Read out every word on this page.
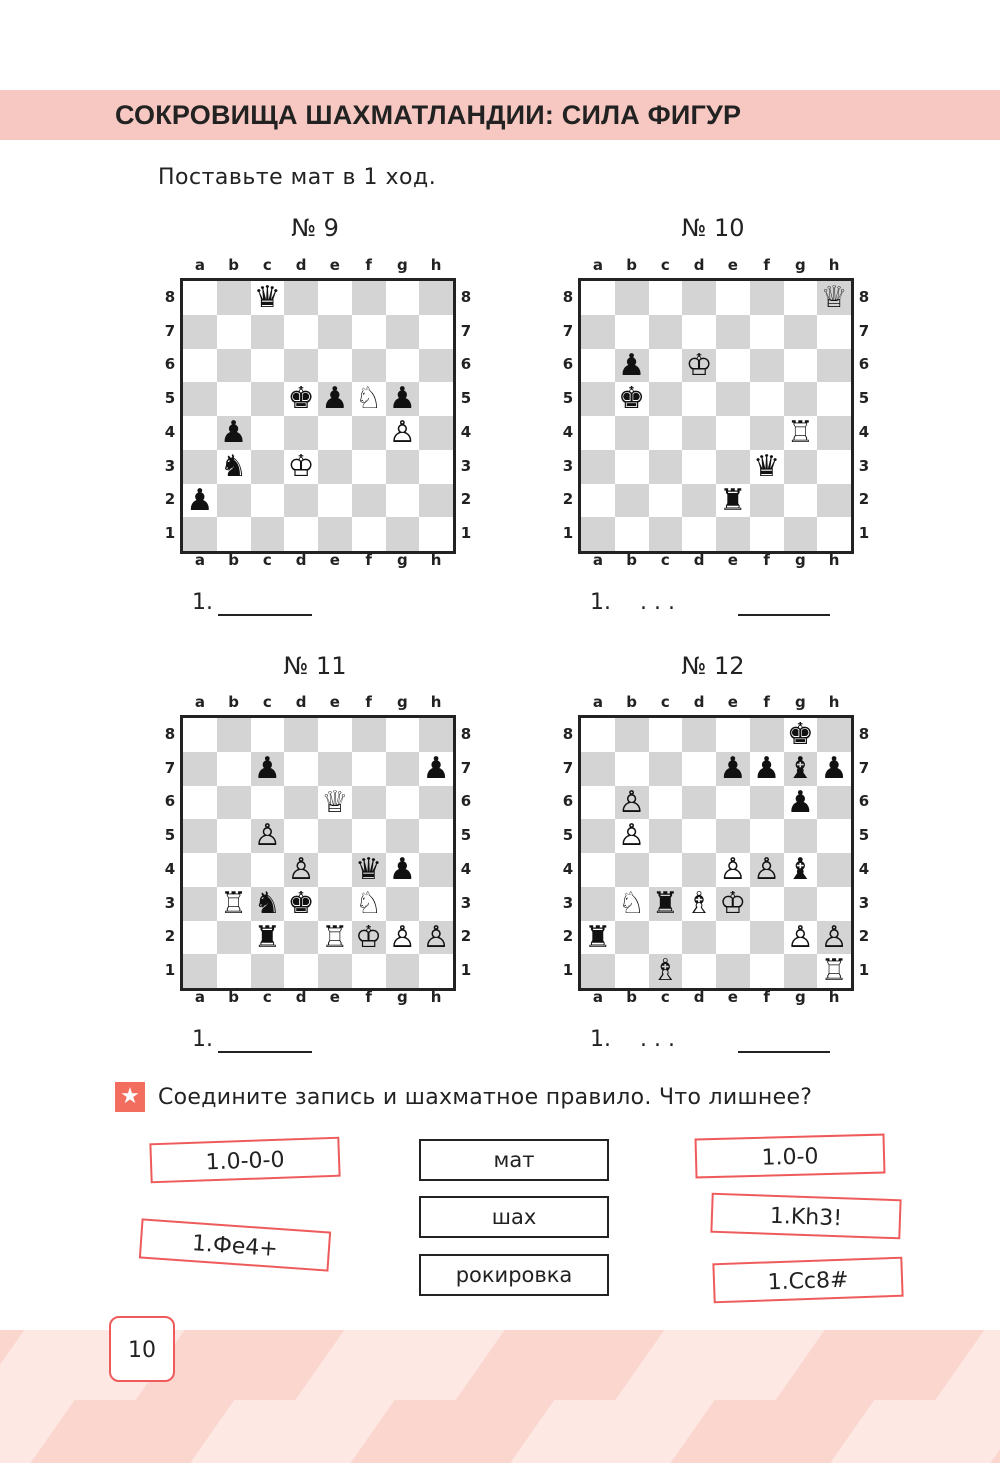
СОКРОВИЩА ШАХМАТЛАНДИИ: СИЛА ФИГУР
Поставьте мат в 1 ход.
№ 9
♛
♚ ♟ ♘ ♟
♟	♙
♞ ♔
♟
a
a
b
b
c
c
d
d
e
e
f
f
g
g
h
h
8	8
7	7
6	6
5	5
4	4
3	3
2	2
1	1
1.
№ 10
♕
♟ ♔
♚
♖
♛
♜
a
a
b
b
c
c
d
d
e
e
f
f
g
g
h
h
8	8
7	7
6	6
5	5
4	4
3	3
2	2
1	1
1. . . .
№ 11
♟	♟
♕
♙
♙ ♛ ♟
♖ ♞ ♚ ♘
♜ ♖ ♔ ♙ ♙
a
a
b
b
c
c
d
d
e
e
f
f
g
g
h
h
8	8
7	7
6	6
5	5
4	4
3	3
2	2
1	1
1.
№ 12
♚
♟ ♟ ♝ ♟
♙	♟
♙
♙ ♙ ♝
♘ ♜ ♗ ♔
♜	♙ ♙
♗	♖
a
a
b
b
c
c
d
d
e
e
f
f
g
g
h
h
8	8
7	7
6	6
5	5
4	4
3	3
2	2
1	1
1. . . .
★ Соедините запись и шахматное правило. Что лишнее?
1.0-0-0
1.Фе4+
мат
шах
рокировка
1.0-0
1.Kh3!
1.Сс8#
10
